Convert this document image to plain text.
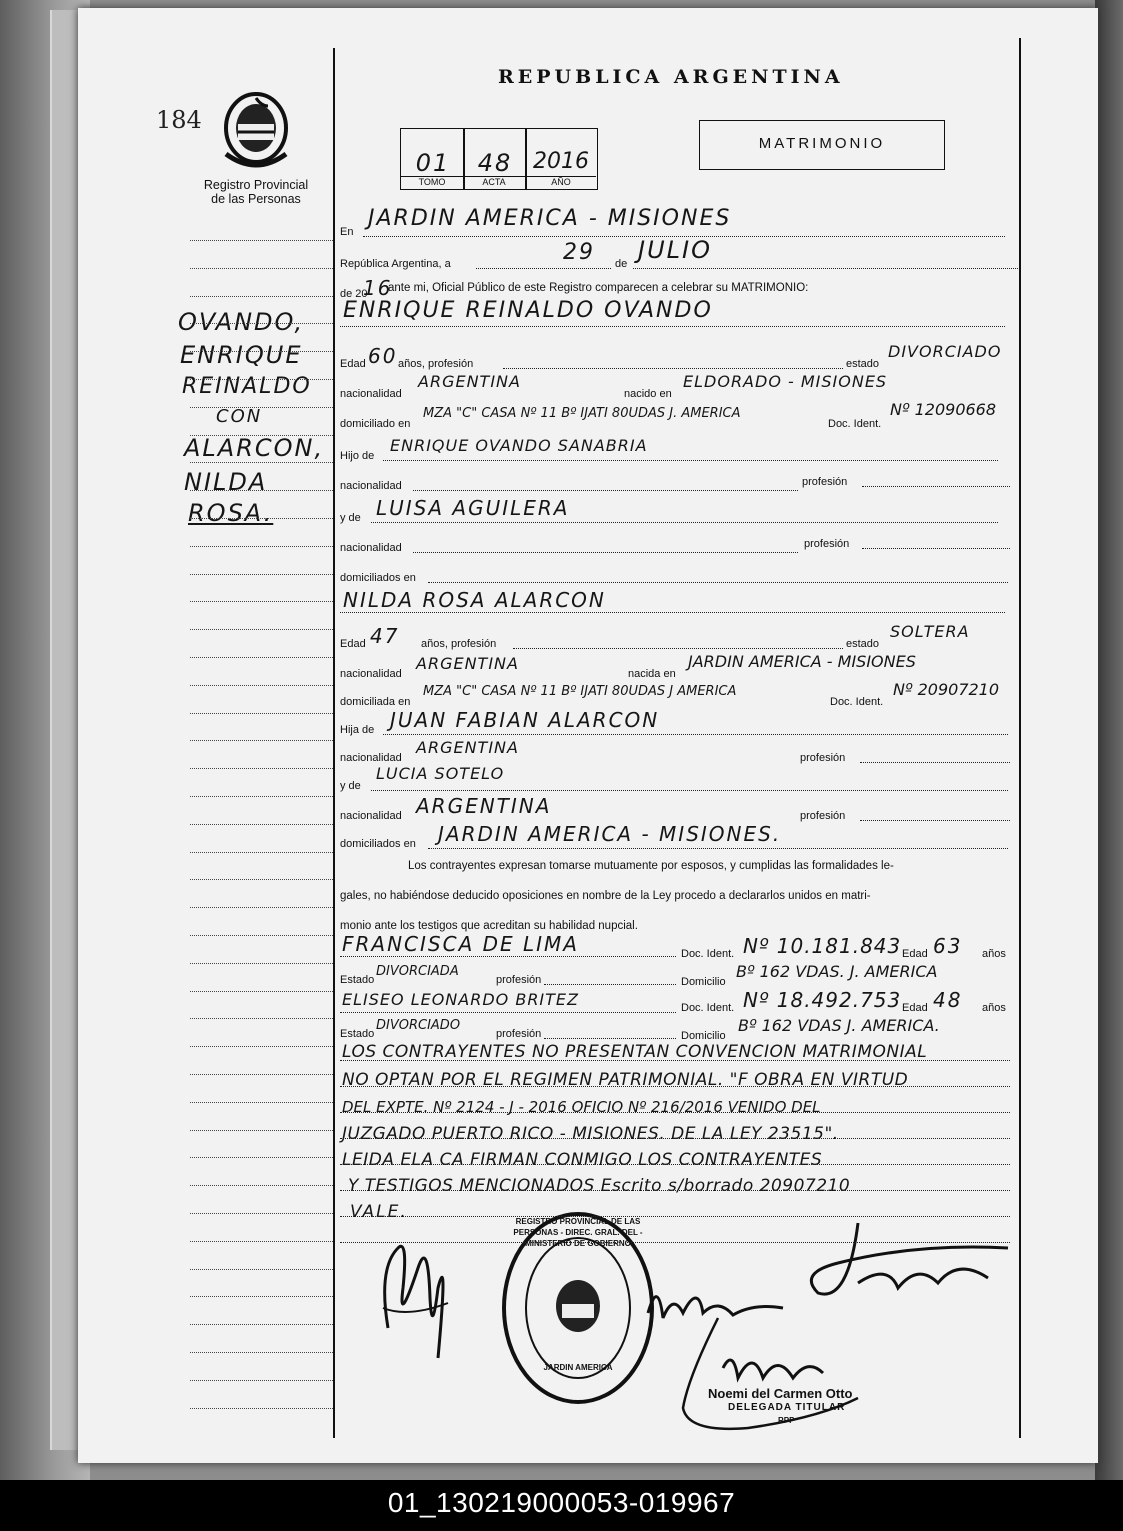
184
Registro Provincial
de las Personas
REPUBLICA ARGENTINA
01	48 2016
TOMO	ACTA	AÑO
MATRIMONIO
OVANDO,
ENRIQUE
REINALDO
CON
ALARCON,
NILDA
ROSA.
En
JARDIN AMERICA - MISIONES
República Argentina, a	29 de JULIO
de 20
16
ante mi, Oficial Público de este Registro comparecen a celebrar su MATRIMONIO:
ENRIQUE REINALDO OVANDO
Edad 60 años, profesión	estado
DIVORCIADO
nacionalidad
ARGENTINA
nacido en
ELDORADO - MISIONES
domiciliado en
MZA "C" CASA Nº 11 Bº IJATI 80UDAS J. AMERICA
Doc. Ident.
Nº 12090668
Hijo de
ENRIQUE OVANDO SANABRIA
nacionalidad	profesión
y de LUISA AGUILERA
nacionalidad	profesión
domiciliados en
NILDA ROSA ALARCON
Edad 47 años, profesión	estado
SOLTERA
nacionalidad
ARGENTINA
nacida en
JARDIN AMERICA - MISIONES
domiciliada en
MZA "C" CASA Nº 11 Bº IJATI 80UDAS J AMERICA
Doc. Ident.
Nº 20907210
Hija de JUAN FABIAN ALARCON
nacionalidad
ARGENTINA
profesión
y de
LUCIA SOTELO
nacionalidad ARGENTINA	profesión
domiciliados en JARDIN AMERICA - MISIONES.
Los contrayentes expresan tomarse mutuamente por esposos, y cumplidas las formalidades le-
gales, no habiéndose deducido oposiciones en nombre de la Ley procedo a declararlos unidos en matri-
monio ante los testigos que acreditan su habilidad nupcial.
FRANCISCA DE LIMA	Doc. Ident. Nº 10.181.843 Edad 63 años
Estado
DIVORCIADA
profesión	Domicilio
Bº 162 VDAS. J. AMERICA
ELISEO LEONARDO BRITEZ	Doc. Ident. Nº 18.492.753 Edad 48 años
Estado
DIVORCIADO
profesión	Domicilio
Bº 162 VDAS J. AMERICA.
LOS CONTRAYENTES NO PRESENTAN CONVENCION MATRIMONIAL
NO OPTAN POR EL REGIMEN PATRIMONIAL. "F OBRA EN VIRTUD
DEL EXPTE. Nº 2124 - J - 2016 OFICIO Nº 216/2016 VENIDO DEL
JUZGADO PUERTO RICO - MISIONES. DE LA LEY 23515".
LEIDA ELA CA FIRMAN CONMIGO LOS CONTRAYENTES
Y TESTIGOS MENCIONADOS Escrito s/borrado 20907210
VALE.	REGISTRO PROVINCIAL DE LAS PERSONAS - DIREC. GRAL. DEL - MINISTERIO DE GOBIERNO
JARDIN AMERICA
Noemi del Carmen Otto
DELEGADA TITULAR
RPP
01_130219000053-019967
